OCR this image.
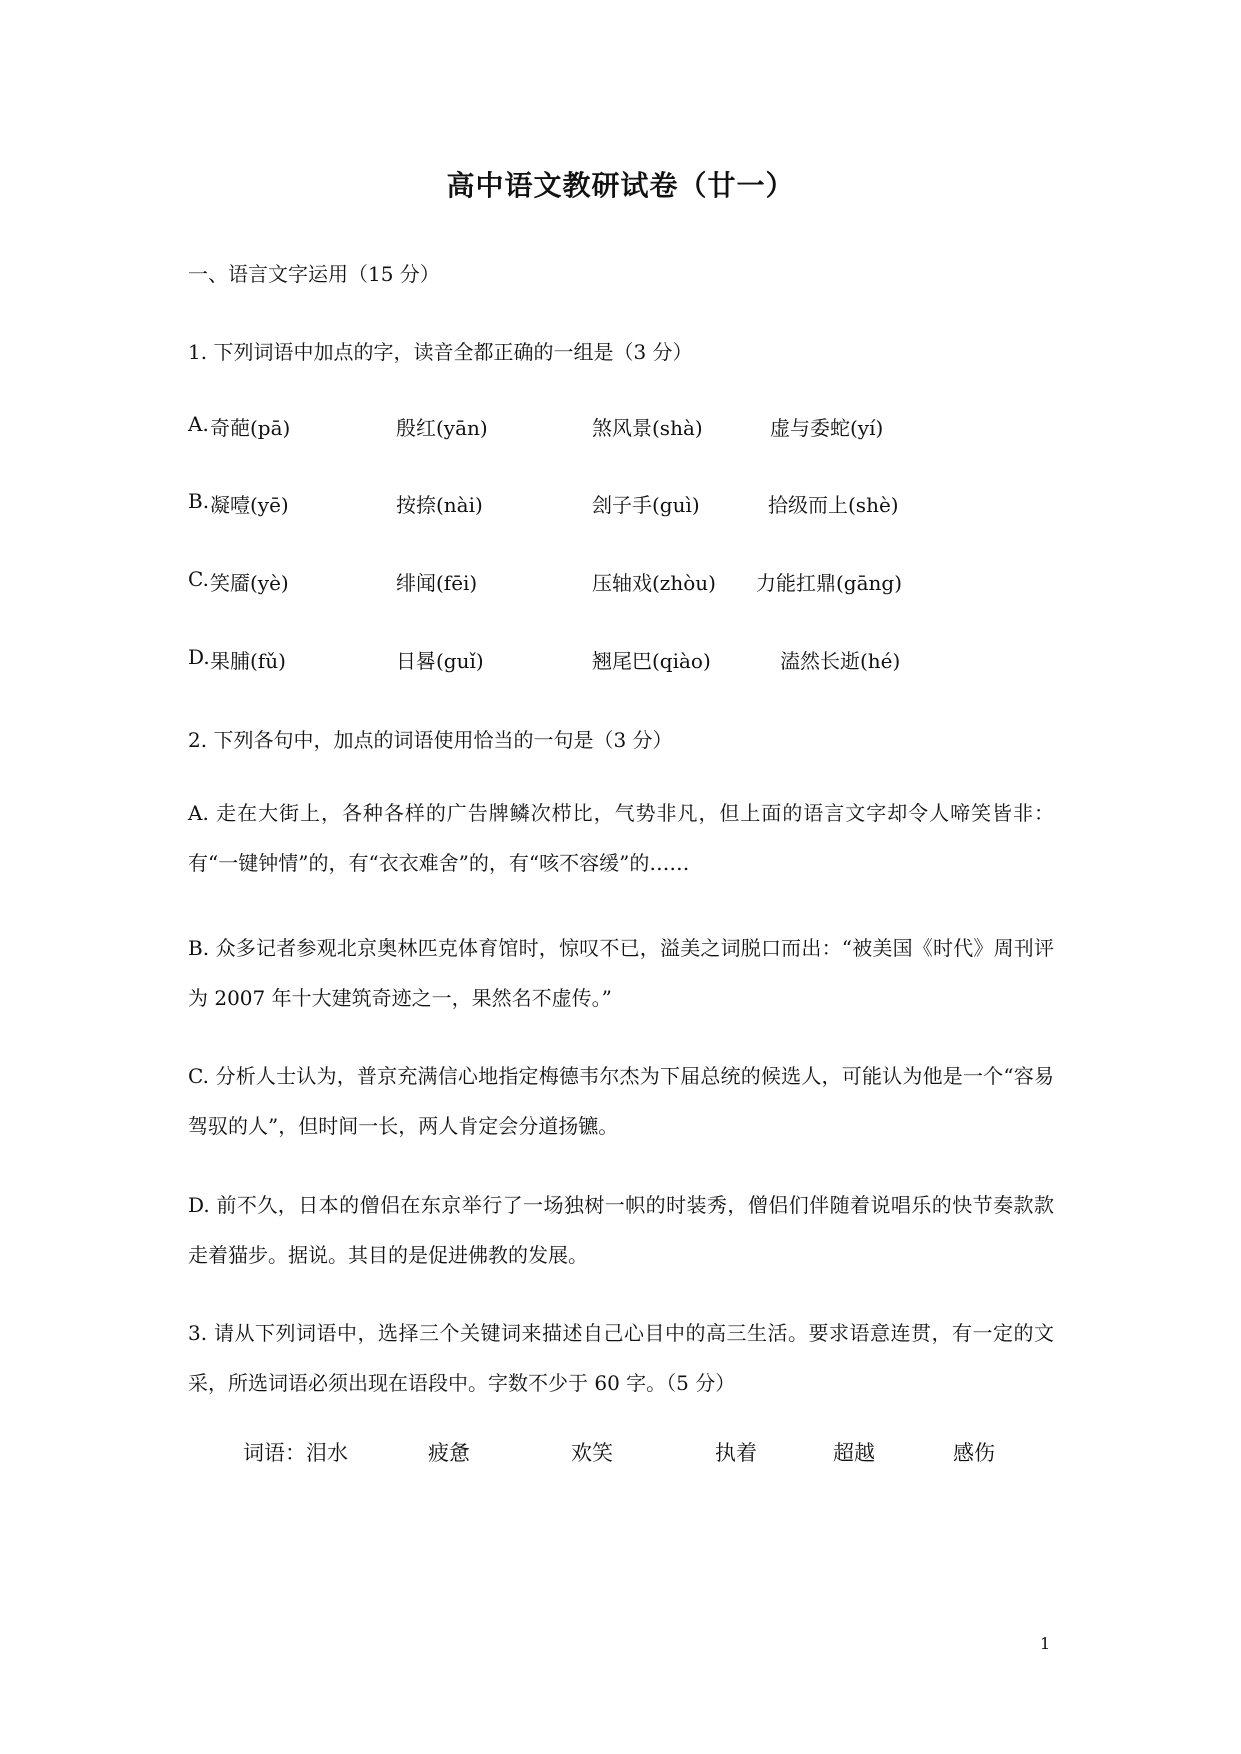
高中语文教研试卷（廿一）
一、语言文字运用（15 分）
1. 下列词语中加点的字，读音全都正确的一组是（3 分）
A. 奇葩(pā)	殷红(yān)	煞风景(shà)	虚与委蛇(yí)
B. 凝噎(yē)	按捺(nài)	刽子手(guì)	拾级而上(shè)
C. 笑靥(yè)	绯闻(fēi)	压轴戏(zhòu) 力能扛鼎(gāng)
D. 果脯(fǔ)	日晷(guǐ)	翘尾巴(qiào)	溘然长逝(hé)
2. 下列各句中，加点的词语使用恰当的一句是（3 分）
A. 走在大街上，各种各样的广告牌鳞次栉比，气势非凡，但上面的语言文字却令人啼笑皆非：有“一键钟情”的，有“衣衣难舍”的，有“咳不容缓”的……
B. 众多记者参观北京奥林匹克体育馆时，惊叹不已，溢美之词脱口而出：“被美国《时代》周刊评为 2007 年十大建筑奇迹之一，果然名不虚传。”
C. 分析人士认为，普京充满信心地指定梅德韦尔杰为下届总统的候选人，可能认为他是一个“容易驾驭的人”，但时间一长，两人肯定会分道扬镳。
D. 前不久，日本的僧侣在东京举行了一场独树一帜的时装秀，僧侣们伴随着说唱乐的快节奏款款走着猫步。据说。其目的是促进佛教的发展。
3. 请从下列词语中，选择三个关键词来描述自己心目中的高三生活。要求语意连贯，有一定的文采，所选词语必须出现在语段中。字数不少于 60 字。（5 分）
词语：泪水	疲惫	欢笑	执着	超越	感伤
1
